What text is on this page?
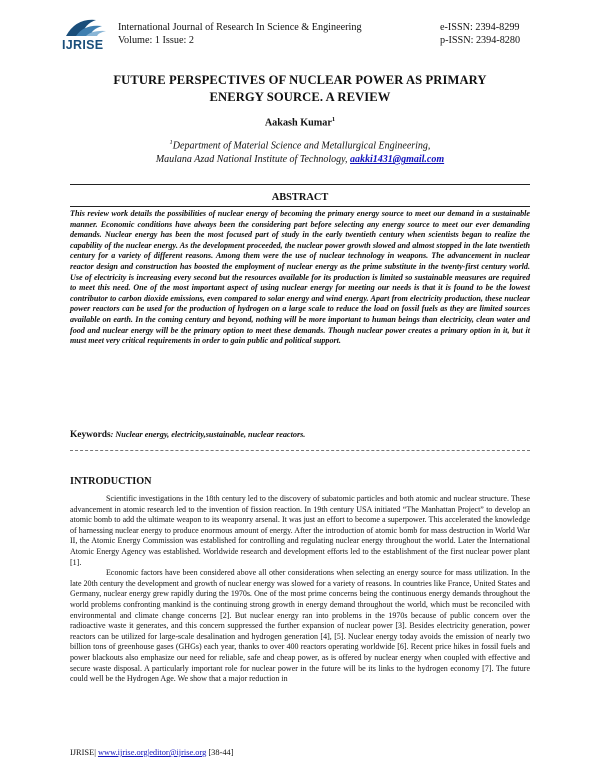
IJRISE
International Journal of Research In Science & Engineering
Volume: 1 Issue: 2
e-ISSN: 2394-8299
p-ISSN: 2394-8280
FUTURE PERSPECTIVES OF NUCLEAR POWER AS PRIMARY
ENERGY SOURCE. A REVIEW
Aakash Kumar$^1$
$^1$Department of Material Science and Metallurgical Engineering,
Maulana Azad National Institute of Technology, aakki1431@gmail.com
ABSTRACT
This review work details the possibilities of nuclear energy of becoming the primary energy source to meet our demand in a sustainable manner. Economic conditions have always been the considering part before selecting any energy source to meet our ever demanding demands. Nuclear energy has been the most focused part of study in the early twentieth century when scientists began to realize the capability of the nuclear energy. As the development proceeded, the nuclear power growth slowed and almost stopped in the late twentieth century for a variety of different reasons. Among them were the use of nuclear technology in weapons. The advancement in nuclear reactor design and construction has boosted the employment of nuclear energy as the prime substitute in the twenty-first century world. Use of electricity is increasing every second but the resources available for its production is limited so sustainable measures are required to meet this need. One of the most important aspect of using nuclear energy for meeting our needs is that it is found to be the lowest contributor to carbon dioxide emissions, even compared to solar energy and wind energy. Apart from electricity production, these nuclear power reactors can be used for the production of hydrogen on a large scale to reduce the load on fossil fuels as they are limited sources available on earth. In the coming century and beyond, nothing will be more important to human beings than electricity, clean water and food and nuclear energy will be the primary option to meet these demands. Though nuclear power creates a primary option in it, but it must meet very critical requirements in order to gain public and political support.
Keywords: Nuclear energy, electricity,sustainable, nuclear reactors.
INTRODUCTION

Scientific investigations in the 18th century led to the discovery of subatomic particles and both atomic and nuclear structure. These advancement in atomic research led to the invention of fission reaction. In 19th century USA initiated “The Manhattan Project” to develop an atomic bomb to add the ultimate weapon to its weaponry arsenal. It was just an effort to become a superpower. This accelerated the knowledge of harnessing nuclear energy to produce enormous amount of energy. After the introduction of atomic bomb for mass destruction in World War II, the Atomic Energy Commission was established for controlling and regulating nuclear energy throughout the world. Later the International Atomic Energy Agency was established. Worldwide research and development efforts led to the establishment of the first nuclear power plant [1].

Economic factors have been considered above all other considerations when selecting an energy source for mass utilization. In the late 20th century the development and growth of nuclear energy was slowed for a variety of reasons. In countries like France, United States and Germany, nuclear energy grew rapidly during the 1970s. One of the most prime concerns being the continuous energy demands throughout the world problems confronting mankind is the continuing strong growth in energy demand throughout the world, which must be reconciled with environmental and climate change concerns [2]. But nuclear energy ran into problems in the 1970s because of public concern over the radioactive waste it generates, and this concern suppressed the further expansion of nuclear power [3]. Besides electricity generation, power reactors can be utilized for large-scale desalination and hydrogen generation [4], [5]. Nuclear energy today avoids the emission of nearly two billion tons of greenhouse gases (GHGs) each year, thanks to over 400 reactors operating worldwide [6]. Recent price hikes in fossil fuels and power blackouts also emphasize our need for reliable, safe and cheap power, as is offered by nuclear energy when coupled with effective and secure waste disposal. A particularly important role for nuclear power in the future will be its links to the hydrogen economy [7]. The future could well be the Hydrogen Age. We show that a major reduction in

IJRISE| www.ijrise.org|editor@ijrise.org [38-44]
